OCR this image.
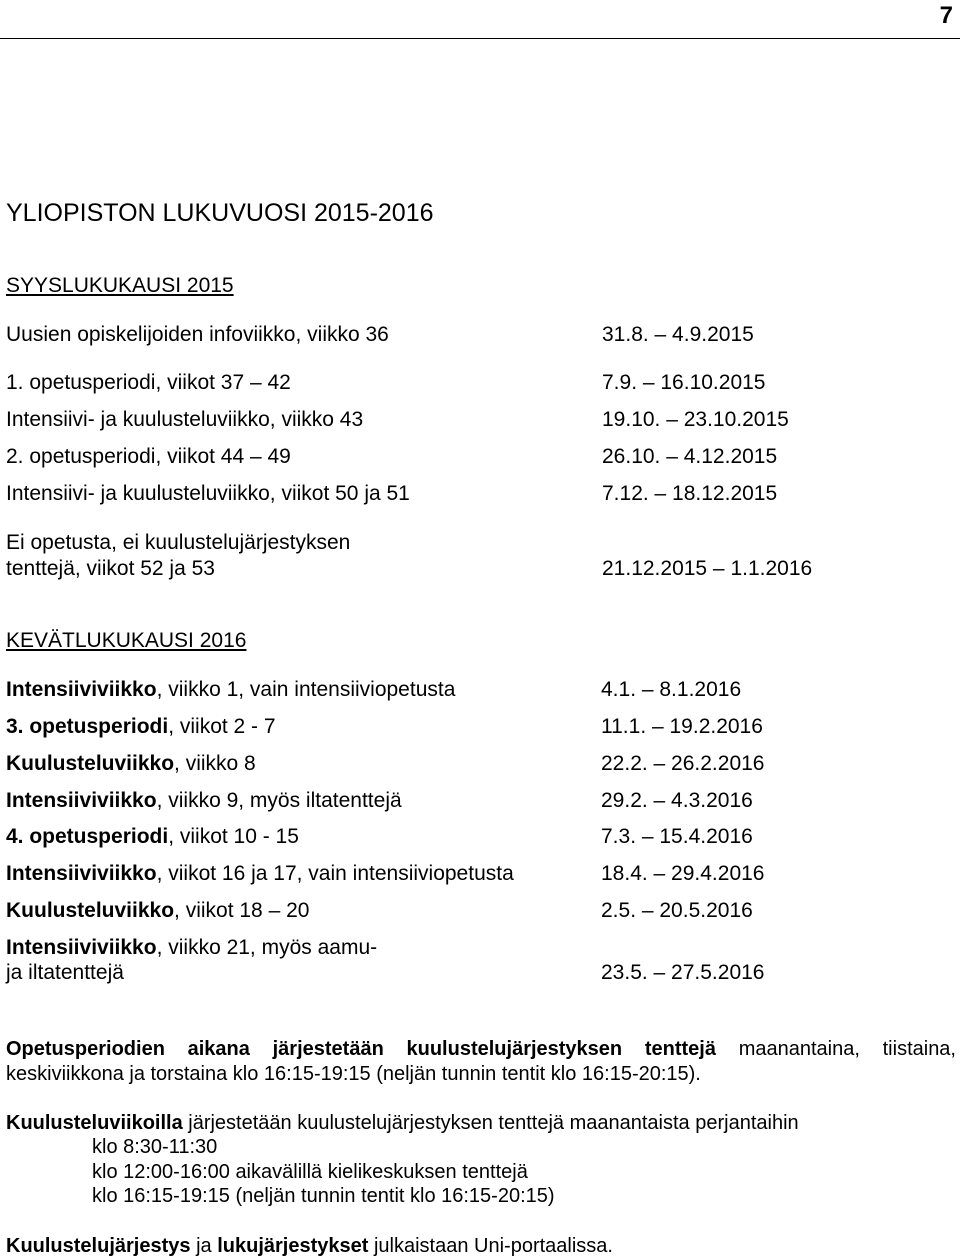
7
YLIOPISTON LUKUVUOSI 2015-2016
SYYSLUKUKAUSI 2015
Uusien opiskelijoiden infoviikko, viikko 36	31.8. – 4.9.2015
1. opetusperiodi, viikot 37 – 42	7.9. – 16.10.2015
Intensiivi- ja kuulusteluviikko, viikko 43	19.10. – 23.10.2015
2. opetusperiodi, viikot 44 – 49	26.10. – 4.12.2015
Intensiivi- ja kuulusteluviikko, viikot 50 ja 51	7.12. – 18.12.2015
Ei opetusta, ei kuulustelujärjestyksen
tenttejä, viikot 52 ja 53	21.12.2015 – 1.1.2016
KEVÄTLUKUKAUSI 2016
Intensiiviviikko, viikko 1, vain intensiiviopetusta	4.1. – 8.1.2016
3. opetusperiodi, viikot 2 - 7	11.1. – 19.2.2016
Kuulusteluviikko, viikko 8	22.2. – 26.2.2016
Intensiiviviikko, viikko 9, myös iltatenttejä	29.2. – 4.3.2016
4. opetusperiodi, viikot 10 - 15	7.3. – 15.4.2016
Intensiiviviikko, viikot 16 ja 17, vain intensiiviopetusta	18.4. – 29.4.2016
Kuulusteluviikko, viikot 18 – 20	2.5. – 20.5.2016
Intensiiviviikko, viikko 21, myös aamu-
ja iltatenttejä	23.5. – 27.5.2016
Opetusperiodien aikana järjestetään kuulustelujärjestyksen tenttejä maanantaina, tiistaina,
keskiviikkona ja torstaina klo 16:15-19:15 (neljän tunnin tentit klo 16:15-20:15).
Kuulusteluviikoilla järjestetään kuulustelujärjestyksen tenttejä maanantaista perjantaihin
klo 8:30-11:30
klo 12:00-16:00 aikavälillä kielikeskuksen tenttejä
klo 16:15-19:15 (neljän tunnin tentit klo 16:15-20:15)
Kuulustelujärjestys ja lukujärjestykset julkaistaan Uni-portaalissa.
